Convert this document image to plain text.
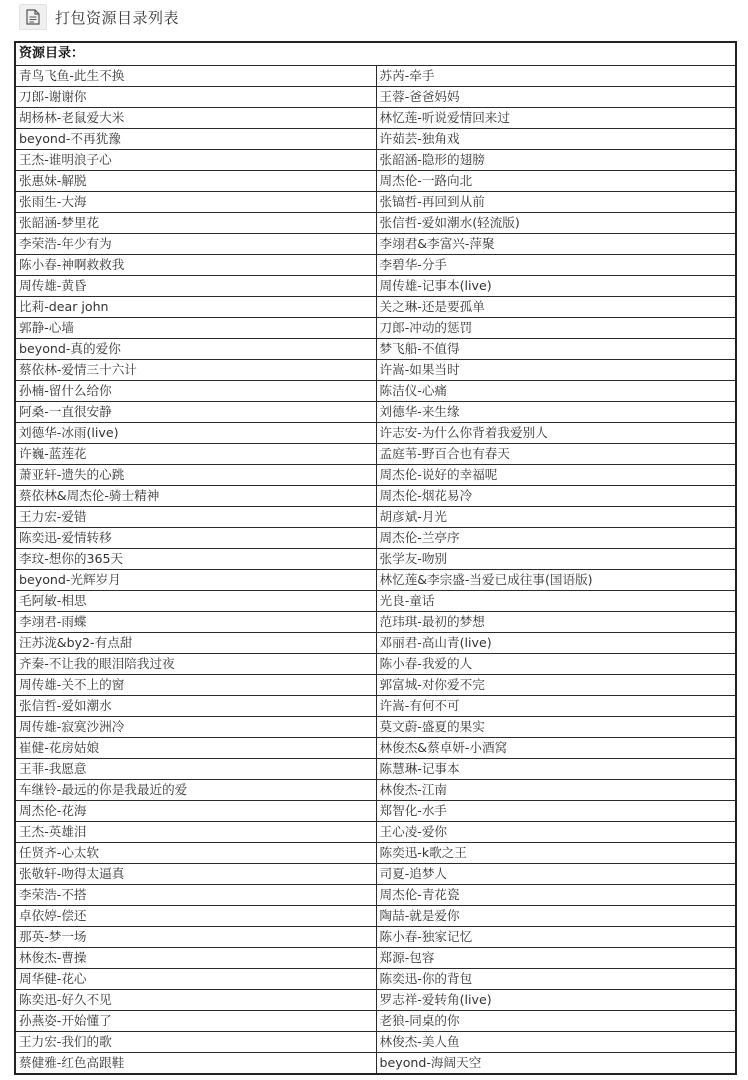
打包资源目录列表
资源目录：	
青鸟飞鱼-此生不换	苏芮-牵手
刀郎-谢谢你	王蓉-爸爸妈妈
胡杨林-老鼠爱大米	林忆莲-听说爱情回来过
beyond-不再犹豫	许茹芸-独角戏
王杰-谁明浪子心	张韶涵-隐形的翅膀
张惠妹-解脱	周杰伦-一路向北
张雨生-大海	张镐哲-再回到从前
张韶涵-梦里花	张信哲-爱如潮水(轻流版)
李荣浩-年少有为	李翊君&李富兴-萍聚
陈小春-神啊救救我	李碧华-分手
周传雄-黄昏	周传雄-记事本(live)
比莉-dear john	关之琳-还是要孤单
郭静-心墙	刀郎-冲动的惩罚
beyond-真的爱你	梦飞船-不值得
蔡依林-爱情三十六计	许嵩-如果当时
孙楠-留什么给你	陈洁仪-心痛
阿桑-一直很安静	刘德华-来生缘
刘德华-冰雨(live)	许志安-为什么你背着我爱别人
许巍-蓝莲花	孟庭苇-野百合也有春天
萧亚轩-遗失的心跳	周杰伦-说好的幸福呢
蔡依林&周杰伦-骑士精神	周杰伦-烟花易冷
王力宏-爱错	胡彦斌-月光
陈奕迅-爱情转移	周杰伦-兰亭序
李玟-想你的365天	张学友-吻别
beyond-光辉岁月	林忆莲&李宗盛-当爱已成往事(国语版)
毛阿敏-相思	光良-童话
李翊君-雨蝶	范玮琪-最初的梦想
汪苏泷&by2-有点甜	邓丽君-高山青(live)
齐秦-不让我的眼泪陪我过夜	陈小春-我爱的人
周传雄-关不上的窗	郭富城-对你爱不完
张信哲-爱如潮水	许嵩-有何不可
周传雄-寂寞沙洲冷	莫文蔚-盛夏的果实
崔健-花房姑娘	林俊杰&蔡卓妍-小酒窝
王菲-我愿意	陈慧琳-记事本
车继铃-最远的你是我最近的爱	林俊杰-江南
周杰伦-花海	郑智化-水手
王杰-英雄泪	王心凌-爱你
任贤齐-心太软	陈奕迅-k歌之王
张敬轩-吻得太逼真	司夏-追梦人
李荣浩-不搭	周杰伦-青花瓷
卓依婷-偿还	陶喆-就是爱你
那英-梦一场	陈小春-独家记忆
林俊杰-曹操	郑源-包容
周华健-花心	陈奕迅-你的背包
陈奕迅-好久不见	罗志祥-爱转角(live)
孙燕姿-开始懂了	老狼-同桌的你
王力宏-我们的歌	林俊杰-美人鱼
蔡健雅-红色高跟鞋	beyond-海阔天空
